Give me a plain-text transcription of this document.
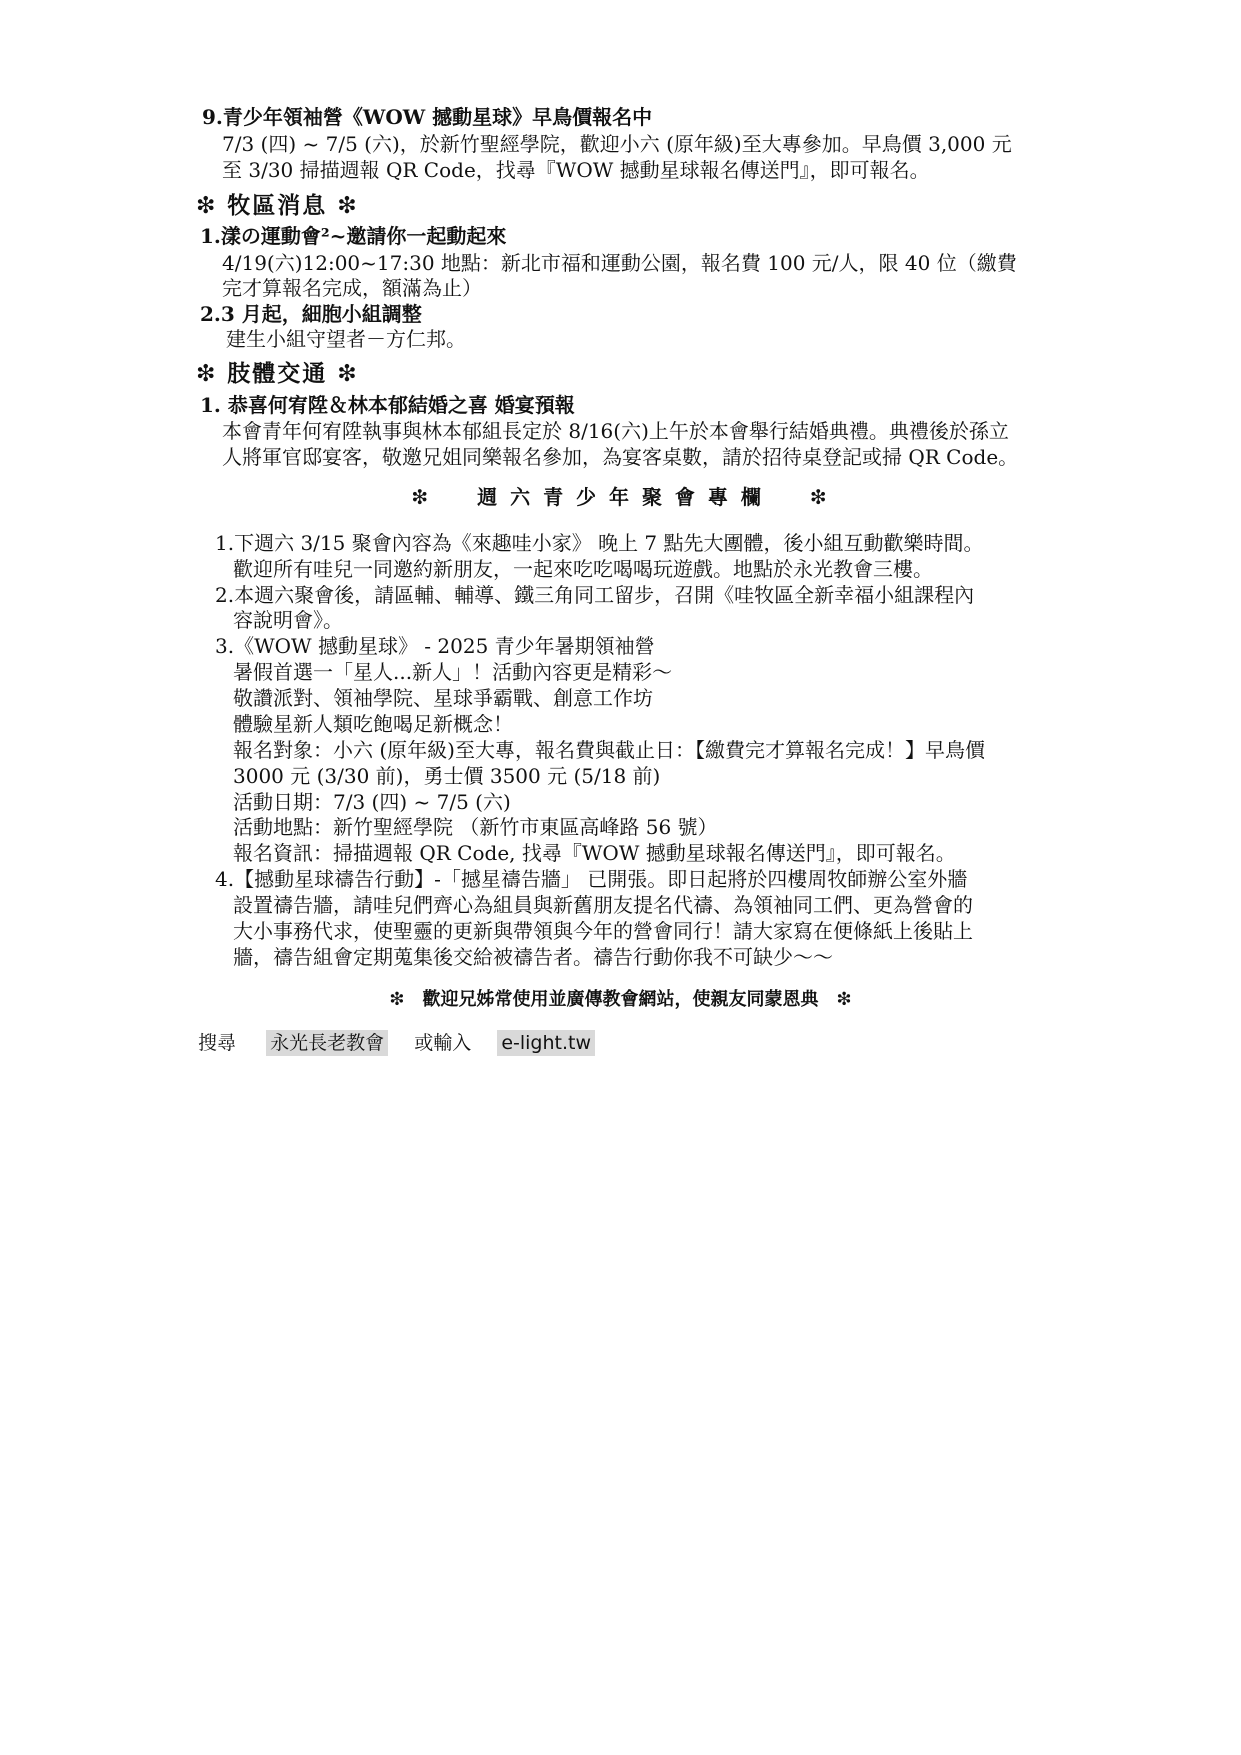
9.青少年領袖營《WOW 撼動星球》早鳥價報名中
7/3 (四) ~ 7/5 (六)，於新竹聖經學院，歡迎小六 (原年級)至大專參加。早鳥價 3,000 元
至 3/30 掃描週報 QR Code，找尋『WOW 撼動星球報名傳送門』，即可報名。
❇ 牧區消息 ❇
1.漾の運動會²~邀請你一起動起來
4/19(六)12:00~17:30 地點：新北市福和運動公園，報名費 100 元/人，限 40 位（繳費
完才算報名完成，額滿為止）
2.3 月起，細胞小組調整
建生小組守望者－方仁邦。
❇ 肢體交通 ❇
1. 恭喜何宥陞＆林本郁結婚之喜 婚宴預報
本會青年何宥陞執事與林本郁組長定於 8/16(六)上午於本會舉行結婚典禮。典禮後於孫立
人將軍官邸宴客，敬邀兄姐同樂報名參加，為宴客桌數，請於招待桌登記或掃 QR Code。
❇　　週 六 青 少 年 聚 會 專 欄　　❇
1.下週六 3/15 聚會內容為《來趣哇小家》 晚上 7 點先大團體，後小組互動歡樂時間。
歡迎所有哇兒一同邀約新朋友，一起來吃吃喝喝玩遊戲。地點於永光教會三樓。
2.本週六聚會後，請區輔、輔導、鐵三角同工留步，召開《哇牧區全新幸福小組課程內
容說明會》。
3.《WOW 撼動星球》 - 2025 青少年暑期領袖營
暑假首選一「星人...新人」！活動內容更是精彩〜
敬讚派對、領袖學院、星球爭霸戰、創意工作坊
體驗星新人類吃飽喝足新概念！
報名對象：小六 (原年級)至大專，報名費與截止日：【繳費完才算報名完成！】早鳥價
3000 元 (3/30 前)，勇士價 3500 元 (5/18 前)
活動日期：7/3 (四) ~ 7/5 (六)
活動地點：新竹聖經學院 （新竹市東區高峰路 56 號）
報名資訊：掃描週報 QR Code, 找尋『WOW 撼動星球報名傳送門』，即可報名。
4.【撼動星球禱告行動】-「撼星禱告牆」 已開張。即日起將於四樓周牧師辦公室外牆
設置禱告牆，請哇兒們齊心為組員與新舊朋友提名代禱、為領袖同工們、更為營會的
大小事務代求，使聖靈的更新與帶領與今年的營會同行！請大家寫在便條紙上後貼上
牆，禱告組會定期蒐集後交給被禱告者。禱告行動你我不可缺少〜〜
❇　歡迎兄姊常使用並廣傳教會網站，使親友同蒙恩典　❇
搜尋 永光長老教會 或輸入 e-light.tw
